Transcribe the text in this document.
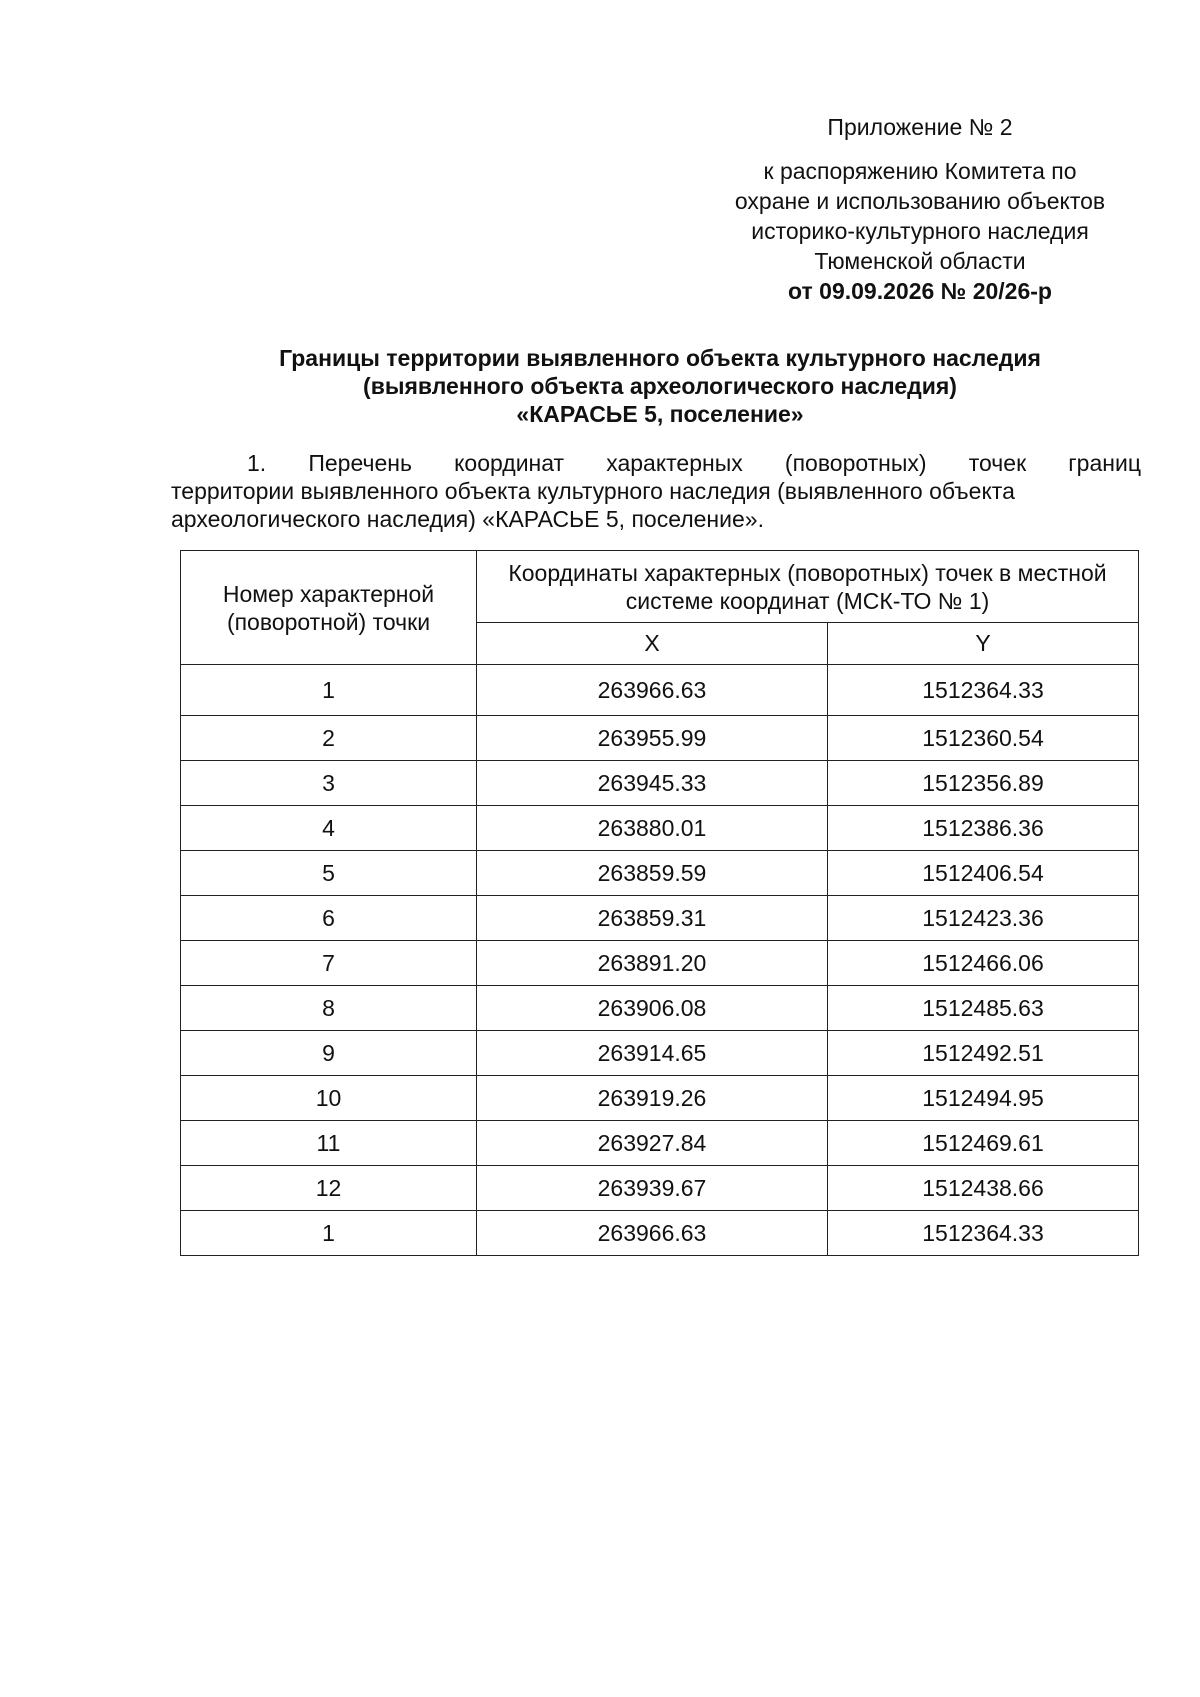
Приложение № 2
к распоряжению Комитета по
охране и использованию объектов
историко-культурного наследия
Тюменской области
от 09.09.2026 № 20/26-р
Границы территории выявленного объекта культурного наследия
(выявленного объекта археологического наследия)
«КАРАСЬЕ 5, поселение»
1. Перечень координат характерных (поворотных) точек границ
территории выявленного объекта культурного наследия (выявленного объекта
археологического наследия) «КАРАСЬЕ 5, поселение».
Номер характерной (поворотной) точки	Координаты характерных (поворотных) точек в местной системе координат (МСК-ТО № 1)	
	X	Y
1	263966.63	1512364.33
2	263955.99	1512360.54
3	263945.33	1512356.89
4	263880.01	1512386.36
5	263859.59	1512406.54
6	263859.31	1512423.36
7	263891.20	1512466.06
8	263906.08	1512485.63
9	263914.65	1512492.51
10	263919.26	1512494.95
11	263927.84	1512469.61
12	263939.67	1512438.66
1	263966.63	1512364.33
